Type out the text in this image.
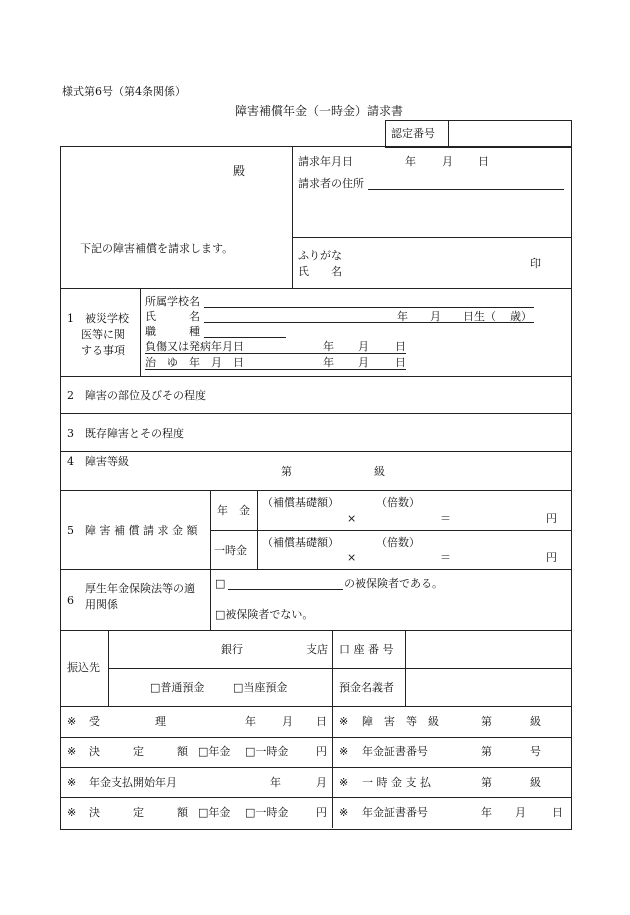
様式第6号（第4条関係）
障害補償年金（一時金）請求書
認定番号
殿
下記の障害補償を請求します。
請求年月日	年 月 日
請求者の住所
ふりがな
氏　　名
印
1　被災学校
医等に関
する事項
所属学校名
氏　　　名	年 月 日生（ 歳）
職　　　種
負傷又は発病年月日	年 月 日
治　ゆ　年　月　日	年 月 日
2　障害の部位及びその程度
3　既存障害とその程度
4　障害等級
第	級
5　障 害 補 償 請 求 金 額
年　金
（補償基礎額）	（倍数）
×	＝	円
一時金
（補償基礎額）	（倍数）
×	＝	円
6
厚生年金保険法等の適
用関係
□	の被保険者である。
□被保険者でない。
振込先
銀行	支店 口 座 番 号
□普通預金	□当座預金	預金名義者
※ 受　　　　　理	年 月 日 ※ 障　害　等　級	第	級
※ 決　　　定　　　額 □年金 □一時金	円 ※ 年金証書番号	第	号
※ 年金支払開始年月	年	月 ※ 一 時 金 支 払	第	級
※ 決　　　定　　　額 □年金 □一時金	円 ※ 年金証書番号	年 月 日
